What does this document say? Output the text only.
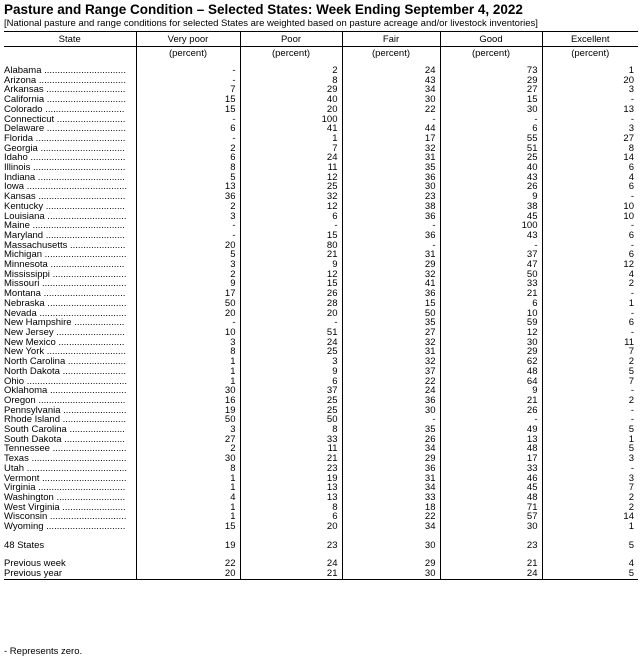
Pasture and Range Condition – Selected States: Week Ending September 4, 2022
[National pasture and range conditions for selected States are weighted based on pasture acreage and/or livestock inventories]
State	Very poor	Poor	Fair	Good	Excellent
	(percent)	(percent)	(percent)	(percent)	(percent)

Alabama ...............................	-	2	24	73	1
Arizona .................................	-	8	43	29	20
Arkansas ..............................	7	29	34	27	3
California ..............................	15	40	30	15	-
Colorado ..............................	15	20	22	30	13
Connecticut ..........................	-	100	-	-	-
Delaware ..............................	6	41	44	6	3
Florida ..................................	-	1	17	55	27
Georgia ................................	2	7	32	51	8
Idaho ....................................	6	24	31	25	14
Illinois ...................................	8	11	35	40	6
Indiana .................................	5	12	36	43	4
Iowa ......................................	13	25	30	26	6
Kansas .................................	36	32	23	9	-
Kentucky ..............................	2	12	38	38	10
Louisiana ..............................	3	6	36	45	10
Maine ...................................	-	-	-	100	-
Maryland ..............................	-	15	36	43	6
Massachusetts .....................	20	80	-	-	-
Michigan ...............................	5	21	31	37	6
Minnesota ............................	3	9	29	47	12
Mississippi ............................	2	12	32	50	4
Missouri ................................	9	15	41	33	2
Montana ...............................	17	26	36	21	-
Nebraska ..............................	50	28	15	6	1
Nevada .................................	20	20	50	10	-
New Hampshire ...................	-	-	35	59	6
New Jersey ..........................	10	51	27	12	-
New Mexico .........................	3	24	32	30	11
New York ..............................	8	25	31	29	7
North Carolina ......................	1	3	32	62	2
North Dakota ........................	1	9	37	48	5
Ohio ......................................	1	6	22	64	7
Oklahoma .............................	30	37	24	9	-
Oregon .................................	16	25	36	21	2
Pennsylvania ........................	19	25	30	26	-
Rhode Island ........................	50	50	-	-	-
South Carolina .....................	3	8	35	49	5
South Dakota .......................	27	33	26	13	1
Tennessee ............................	2	11	34	48	5
Texas ....................................	30	21	29	17	3
Utah ......................................	8	23	36	33	-
Vermont ................................	1	19	31	46	3
Virginia .................................	1	13	34	45	7
Washington ..........................	4	13	33	48	2
West Virginia ........................	1	8	18	71	2
Wisconsin .............................	1	6	22	57	14
Wyoming ..............................	15	20	34	30	1

48 States	19	23	30	23	5

Previous week	22	24	29	21	4
Previous year	20	21	30	24	5
- Represents zero.
